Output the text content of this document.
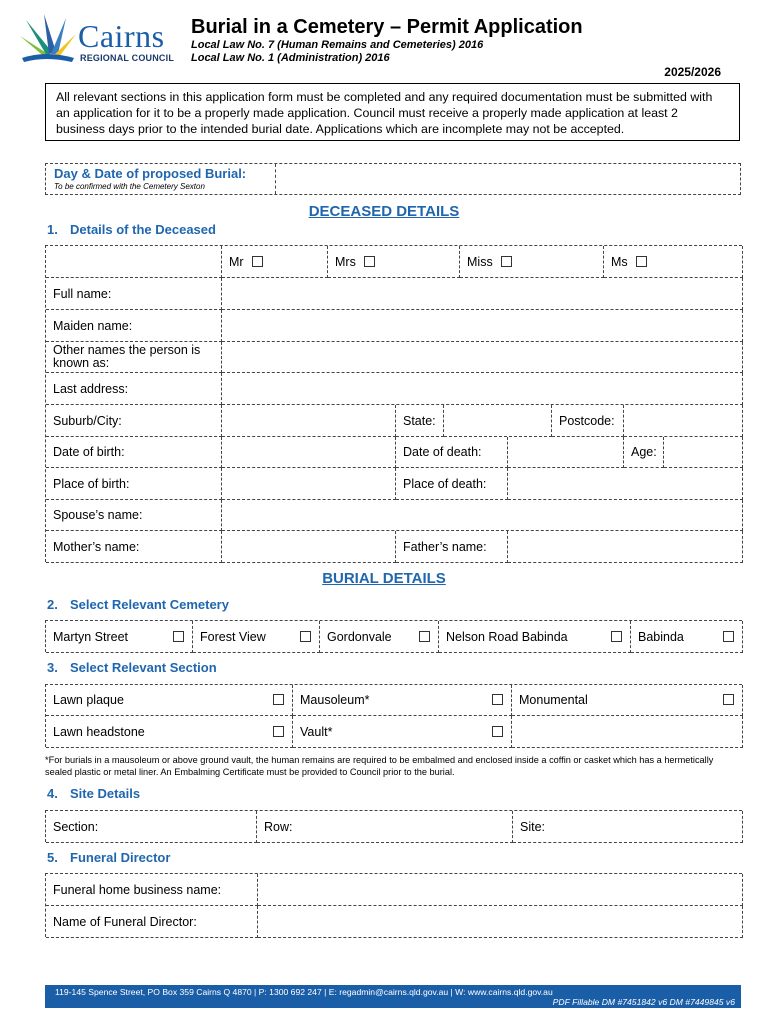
Cairns
REGIONAL COUNCIL
Burial in a Cemetery – Permit Application
Local Law No. 7 (Human Remains and Cemeteries) 2016
Local Law No. 1 (Administration) 2016
2025/2026
All relevant sections in this application form must be completed and any required documentation must be submitted with an application for it to be a properly made application. Council must receive a properly made application at least 2 business days prior to the intended burial date. Applications which are incomplete may not be accepted.
Day & Date of proposed Burial:
To be confirmed with the Cemetery Sexton
DECEASED DETAILS
1. Details of the Deceased
Mr	Mrs	Miss	Ms
Full name:
Maiden name:
Other names the person is known as:
Last address:
Suburb/City:	State:	Postcode:
Date of birth:	Date of death:	Age:
Place of birth:	Place of death:
Spouse’s name:
Mother’s name:	Father’s name:
BURIAL DETAILS
2. Select Relevant Cemetery
Martyn Street	Forest View	Gordonvale	Nelson Road Babinda	Babinda
3. Select Relevant Section
Lawn plaque	Mausoleum*	Monumental
Lawn headstone	Vault*
*For burials in a mausoleum or above ground vault, the human remains are required to be embalmed and enclosed inside a coffin or casket which has a hermetically sealed plastic or metal liner. An Embalming Certificate must be provided to Council prior to the burial.
4. Site Details
Section:	Row:	Site:
5. Funeral Director
Funeral home business name:
Name of Funeral Director:
119-145 Spence Street, PO Box 359 Cairns Q 4870 | P: 1300 692 247 | E: regadmin@cairns.qld.gov.au | W: www.cairns.qld.gov.au
PDF Fillable DM #7451842 v6 DM #7449845 v6
